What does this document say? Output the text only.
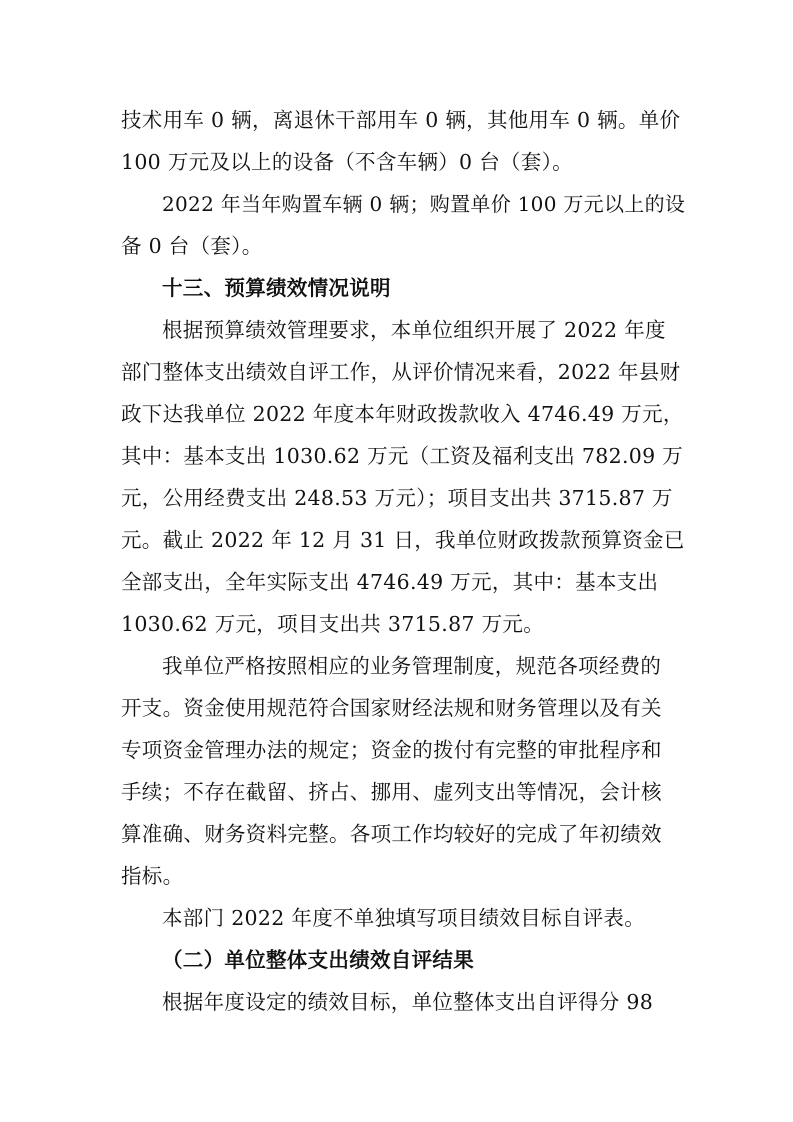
技术用车 0 辆，离退休干部用车 0 辆，其他用车 0 辆。单价
100 万元及以上的设备（不含车辆）0 台（套）。
2022 年当年购置车辆 0 辆；购置单价 100 万元以上的设
备 0 台（套）。
十三、预算绩效情况说明
根据预算绩效管理要求，本单位组织开展了 2022 年度
部门整体支出绩效自评工作，从评价情况来看，2022 年县财
政下达我单位 2022 年度本年财政拨款收入 4746.49 万元，
其中：基本支出 1030.62 万元（工资及福利支出 782.09 万
元，公用经费支出 248.53 万元）；项目支出共 3715.87 万
元。截止 2022 年 12 月 31 日，我单位财政拨款预算资金已
全部支出，全年实际支出 4746.49 万元，其中：基本支出
1030.62 万元，项目支出共 3715.87 万元。
我单位严格按照相应的业务管理制度，规范各项经费的
开支。资金使用规范符合国家财经法规和财务管理以及有关
专项资金管理办法的规定；资金的拨付有完整的审批程序和
手续；不存在截留、挤占、挪用、虚列支出等情况，会计核
算准确、财务资料完整。各项工作均较好的完成了年初绩效
指标。
本部门 2022 年度不单独填写项目绩效目标自评表。
（二）单位整体支出绩效自评结果
根据年度设定的绩效目标，单位整体支出自评得分 98
